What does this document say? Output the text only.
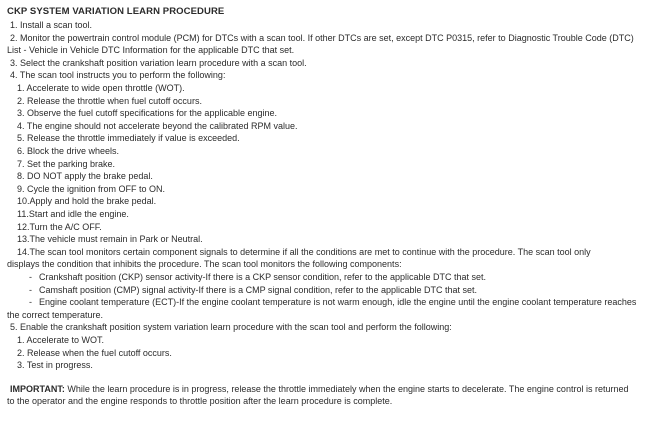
CKP SYSTEM VARIATION LEARN PROCEDURE
1. Install a scan tool.
2. Monitor the powertrain control module (PCM) for DTCs with a scan tool. If other DTCs are set, except DTC P0315, refer to Diagnostic Trouble Code (DTC)
List - Vehicle in Vehicle DTC Information for the applicable DTC that set.
3. Select the crankshaft position variation learn procedure with a scan tool.
4. The scan tool instructs you to perform the following:
1. Accelerate to wide open throttle (WOT).
2. Release the throttle when fuel cutoff occurs.
3. Observe the fuel cutoff specifications for the applicable engine.
4. The engine should not accelerate beyond the calibrated RPM value.
5. Release the throttle immediately if value is exceeded.
6. Block the drive wheels.
7. Set the parking brake.
8. DO NOT apply the brake pedal.
9. Cycle the ignition from OFF to ON.
10.Apply and hold the brake pedal.
11.Start and idle the engine.
12.Turn the A/C OFF.
13.The vehicle must remain in Park or Neutral.
14.The scan tool monitors certain component signals to determine if all the conditions are met to continue with the procedure. The scan tool only
displays the condition that inhibits the procedure. The scan tool monitors the following components:
- Crankshaft position (CKP) sensor activity-If there is a CKP sensor condition, refer to the applicable DTC that set.
- Camshaft position (CMP) signal activity-If there is a CMP signal condition, refer to the applicable DTC that set.
- Engine coolant temperature (ECT)-If the engine coolant temperature is not warm enough, idle the engine until the engine coolant temperature reaches
the correct temperature.
5. Enable the crankshaft position system variation learn procedure with the scan tool and perform the following:
1. Accelerate to WOT.
2. Release when the fuel cutoff occurs.
3. Test in progress.
IMPORTANT: While the learn procedure is in progress, release the throttle immediately when the engine starts to decelerate. The engine control is returned
to the operator and the engine responds to throttle position after the learn procedure is complete.
